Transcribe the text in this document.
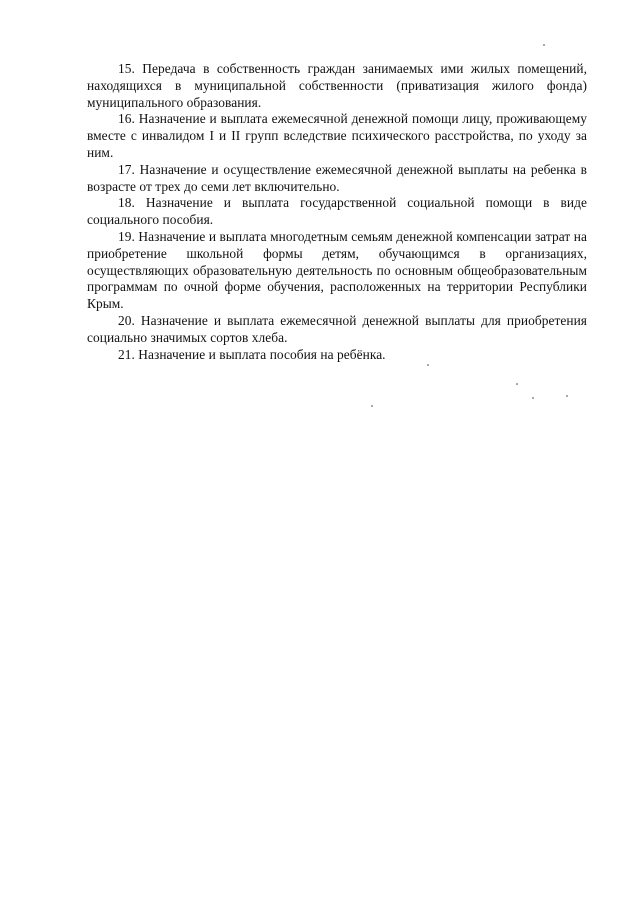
15. Передача в собственность граждан занимаемых ими жилых помещений, находящихся в муниципальной собственности (приватизация жилого фонда) муниципального образования.

16. Назначение и выплата ежемесячной денежной помощи лицу, проживающему вместе с инвалидом I и II групп вследствие психического расстройства, по уходу за ним.

17. Назначение и осуществление ежемесячной денежной выплаты на ребенка в возрасте от трех до семи лет включительно.

18. Назначение и выплата государственной социальной помощи в виде социального пособия.

19. Назначение и выплата многодетным семьям денежной компенсации затрат на приобретение школьной формы детям, обучающимся в организациях, осуществляющих образовательную деятельность по основным общеобразовательным программам по очной форме обучения, расположенных на территории Республики Крым.

20. Назначение и выплата ежемесячной денежной выплаты для приобретения социально значимых сортов хлеба.

21. Назначение и выплата пособия на ребёнка.
